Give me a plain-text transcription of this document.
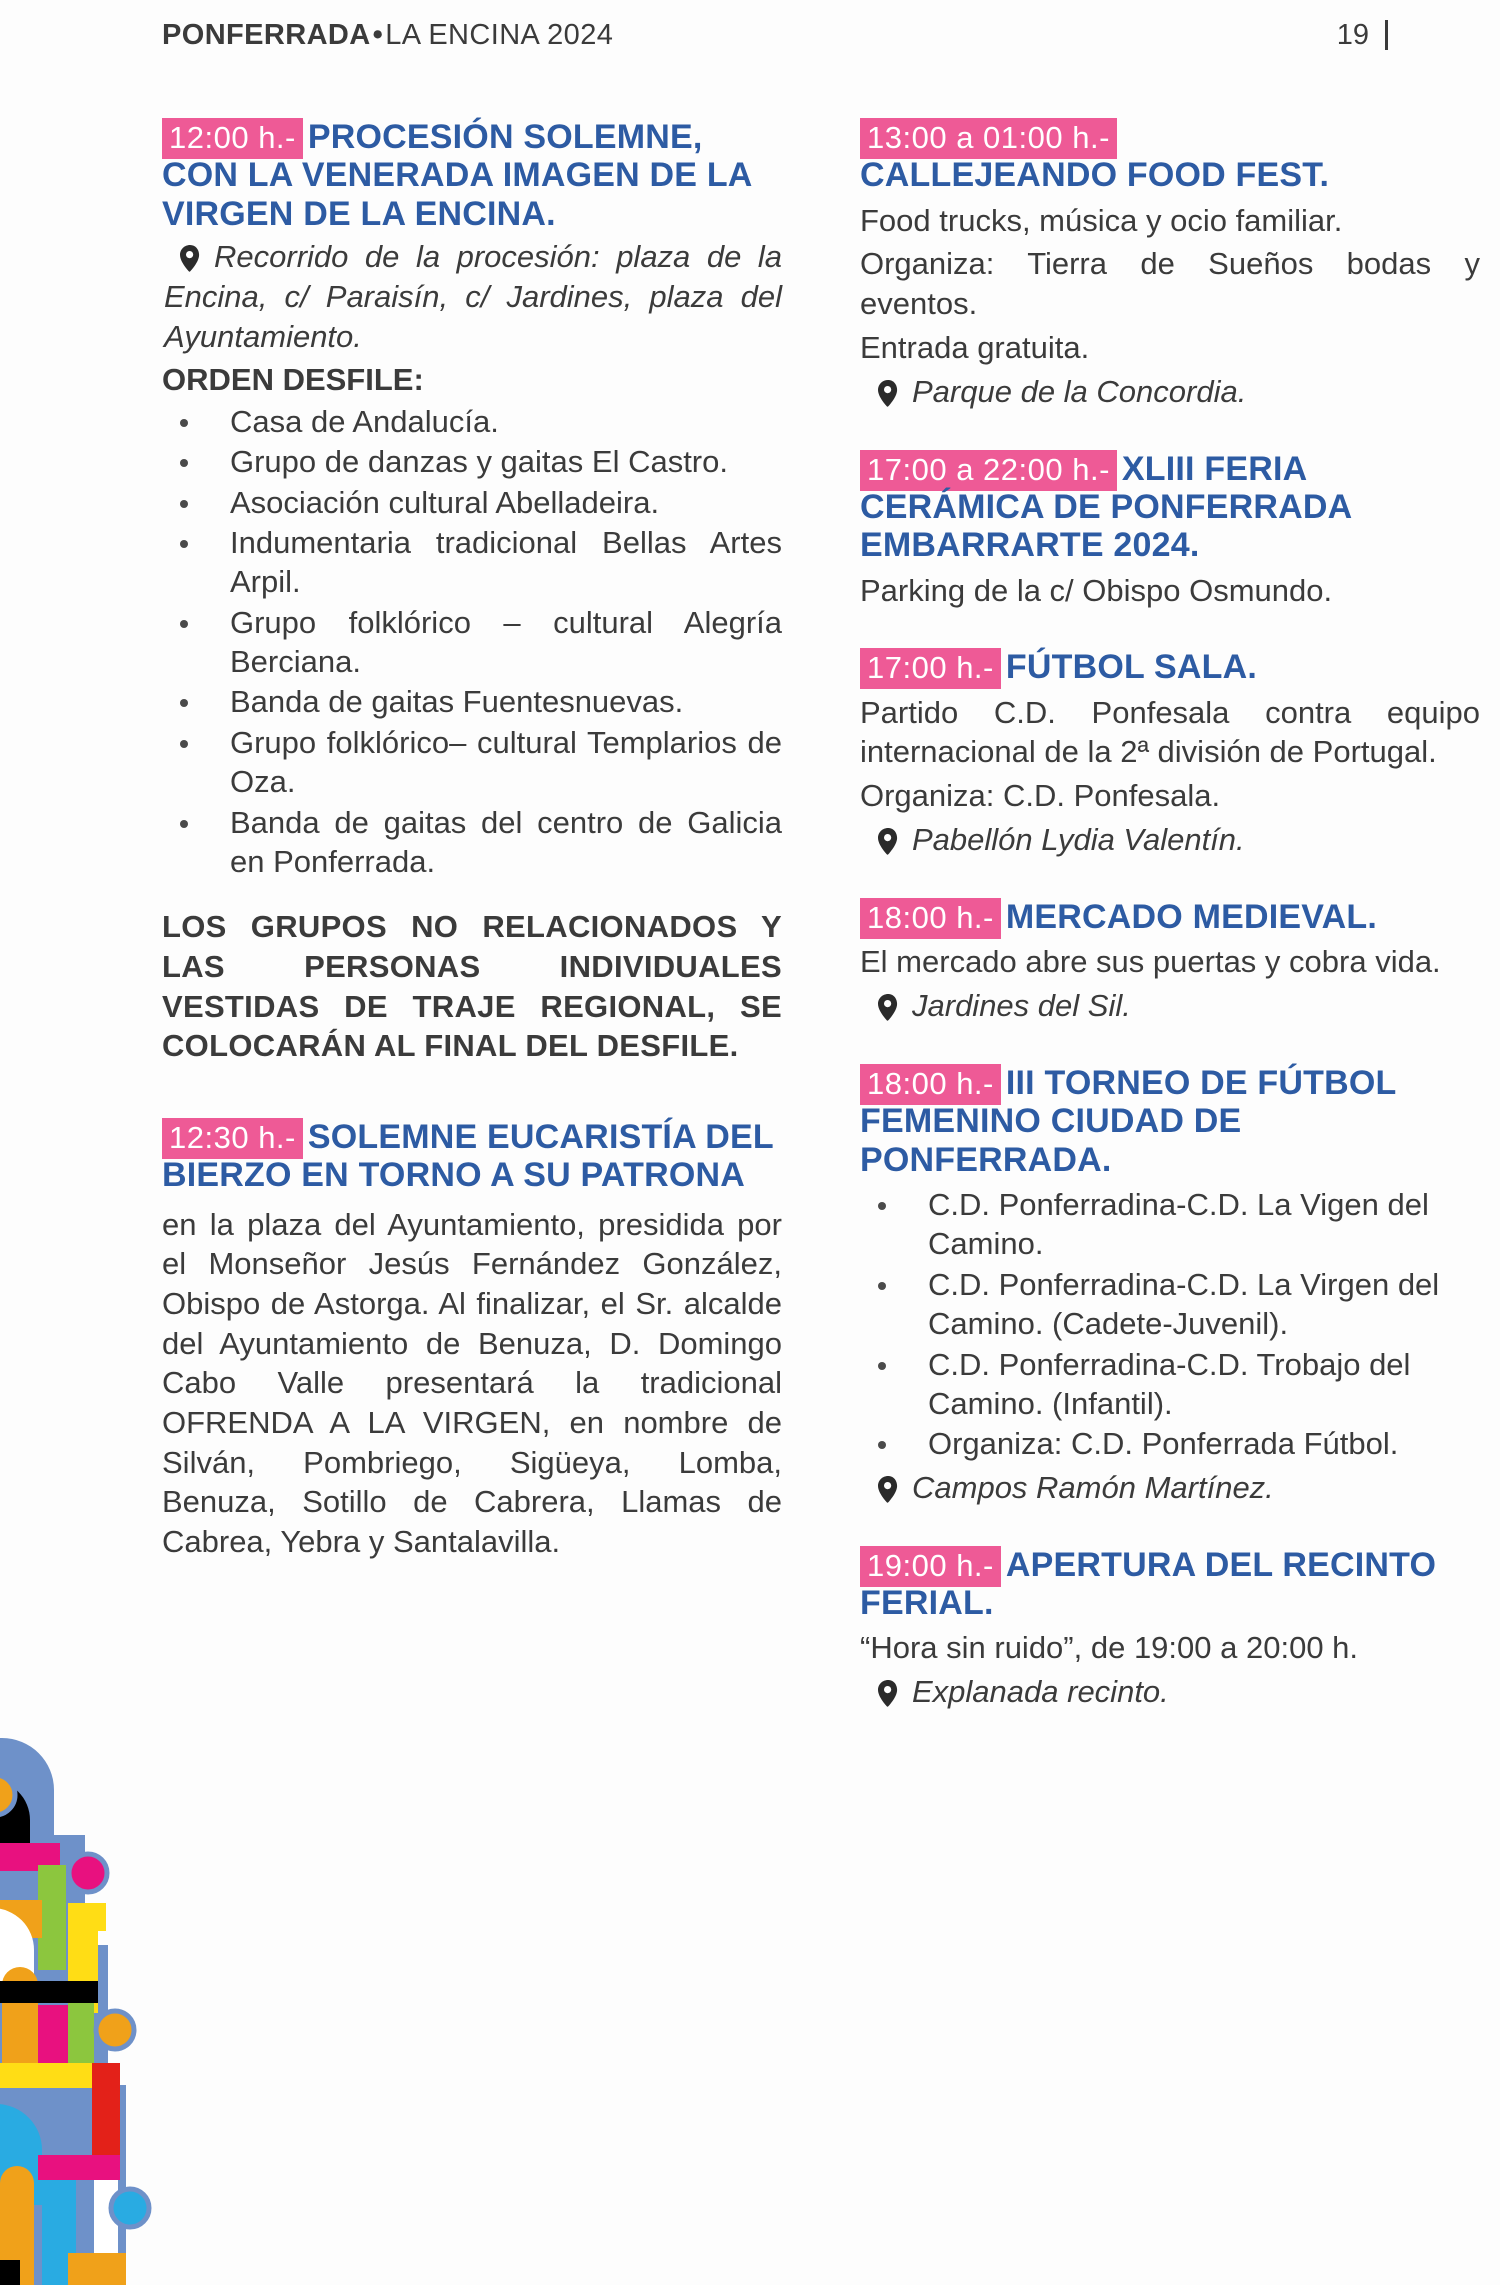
PONFERRADA•LA ENCINA 2024	19
12:00 h.- PROCESIÓN SOLEMNE, CON LA VENERADA IMAGEN DE LA VIRGEN DE LA ENCINA.
Recorrido de la procesión: plaza de la Encina, c/ Paraisín, c/ Jardines, plaza del Ayuntamiento.
ORDEN DESFILE:
Casa de Andalucía.
Grupo de danzas y gaitas El Castro.
Asociación cultural Abelladeira.
Indumentaria tradicional Bellas Artes Arpil.
Grupo folklórico – cultural Alegría Berciana.
Banda de gaitas Fuentesnuevas.
Grupo folklórico– cultural Templarios de Oza.
Banda de gaitas del centro de Galicia en Ponferrada.
LOS GRUPOS NO RELACIONADOS Y LAS PERSONAS INDIVIDUALES VESTIDAS DE TRAJE REGIONAL, SE COLOCARÁN AL FINAL DEL DESFILE.
12:30 h.- SOLEMNE EUCARISTÍA DEL BIERZO EN TORNO A SU PATRONA
en la plaza del Ayuntamiento, presidida por el Monseñor Jesús Fernández González, Obispo de Astorga. Al finalizar, el Sr. alcalde del Ayuntamiento de Benuza, D. Domingo Cabo Valle presentará la tradicional OFRENDA A LA VIRGEN, en nombre de Silván, Pombriego, Sigüeya, Lomba, Benuza, Sotillo de Cabrera, Llamas de Cabrea, Yebra y Santalavilla.
13:00 a 01:00 h.-
CALLEJEANDO FOOD FEST.
Food trucks, música y ocio familiar.
Organiza: Tierra de Sueños bodas y eventos.
Entrada gratuita.
Parque de la Concordia.
17:00 a 22:00 h.- XLIII FERIA CERÁMICA DE PONFERRADA EMBARRARTE 2024.
Parking de la c/ Obispo Osmundo.
17:00 h.- FÚTBOL SALA.
Partido C.D. Ponfesala contra equipo internacional de la 2ª división de Portugal.
Organiza: C.D. Ponfesala.
Pabellón Lydia Valentín.
18:00 h.- MERCADO MEDIEVAL.
El mercado abre sus puertas y cobra vida.
Jardines del Sil.
18:00 h.- III TORNEO DE FÚTBOL FEMENINO CIUDAD DE PONFERRADA.
C.D. Ponferradina-C.D. La Vigen del Camino.
C.D. Ponferradina-C.D. La Virgen del Camino. (Cadete-Juvenil).
C.D. Ponferradina-C.D. Trobajo del Camino. (Infantil).
Organiza: C.D. Ponferrada Fútbol.
Campos Ramón Martínez.
19:00 h.- APERTURA DEL RECINTO FERIAL.
“Hora sin ruido”, de 19:00 a 20:00 h.
Explanada recinto.
